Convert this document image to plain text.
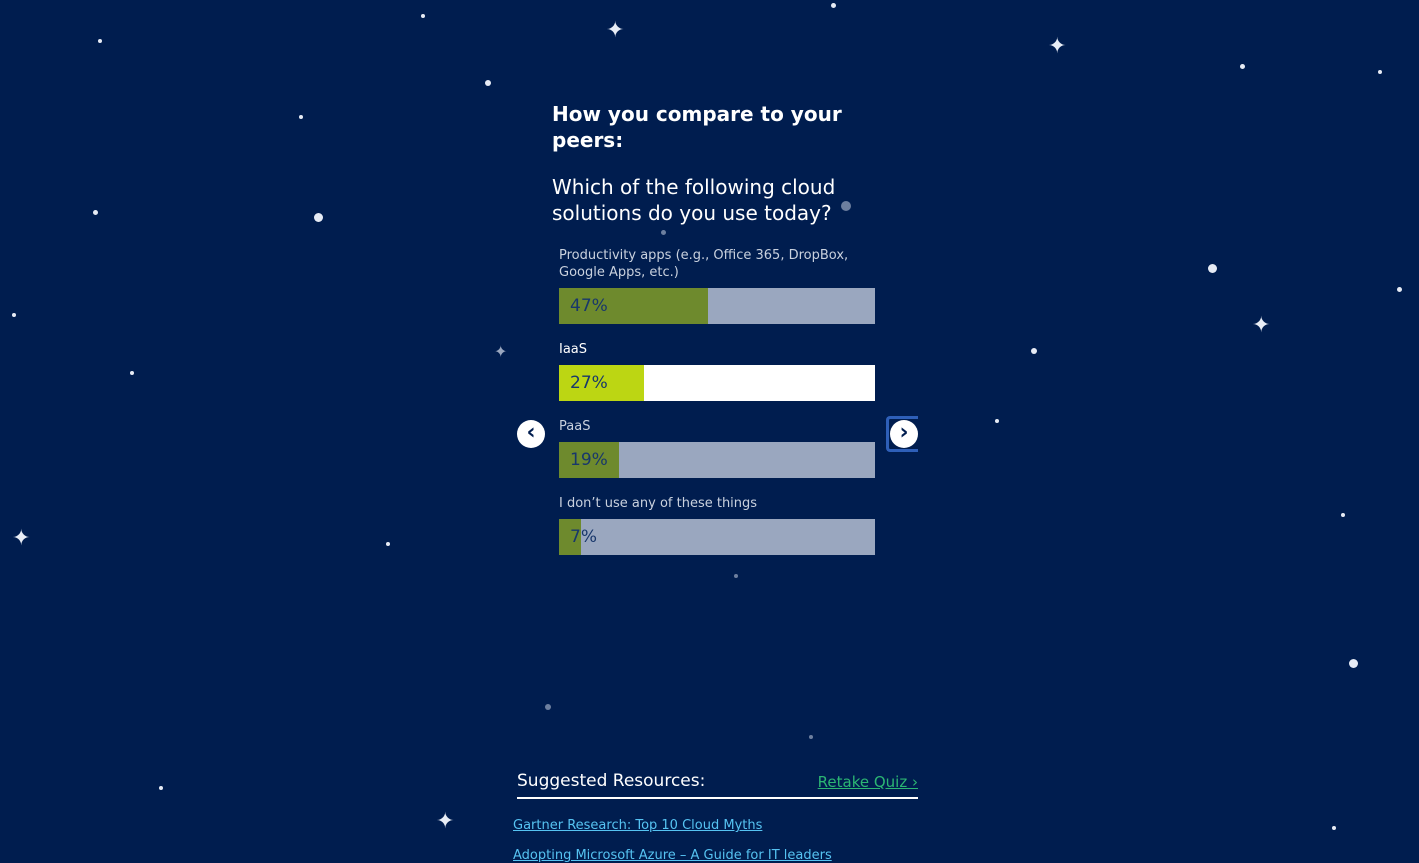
✦
✦
✦
✦
✦
✦
How you compare to your peers:
Which of the following cloud solutions do you use today?
Productivity apps (e.g., Office 365, DropBox, Google Apps, etc.)
47%
IaaS
27%
PaaS
19%
I don’t use any of these things
7%
‹	›
Suggested Resources:	Retake Quiz ›
Gartner Research: Top 10 Cloud Myths
Adopting Microsoft Azure – A Guide for IT leaders
